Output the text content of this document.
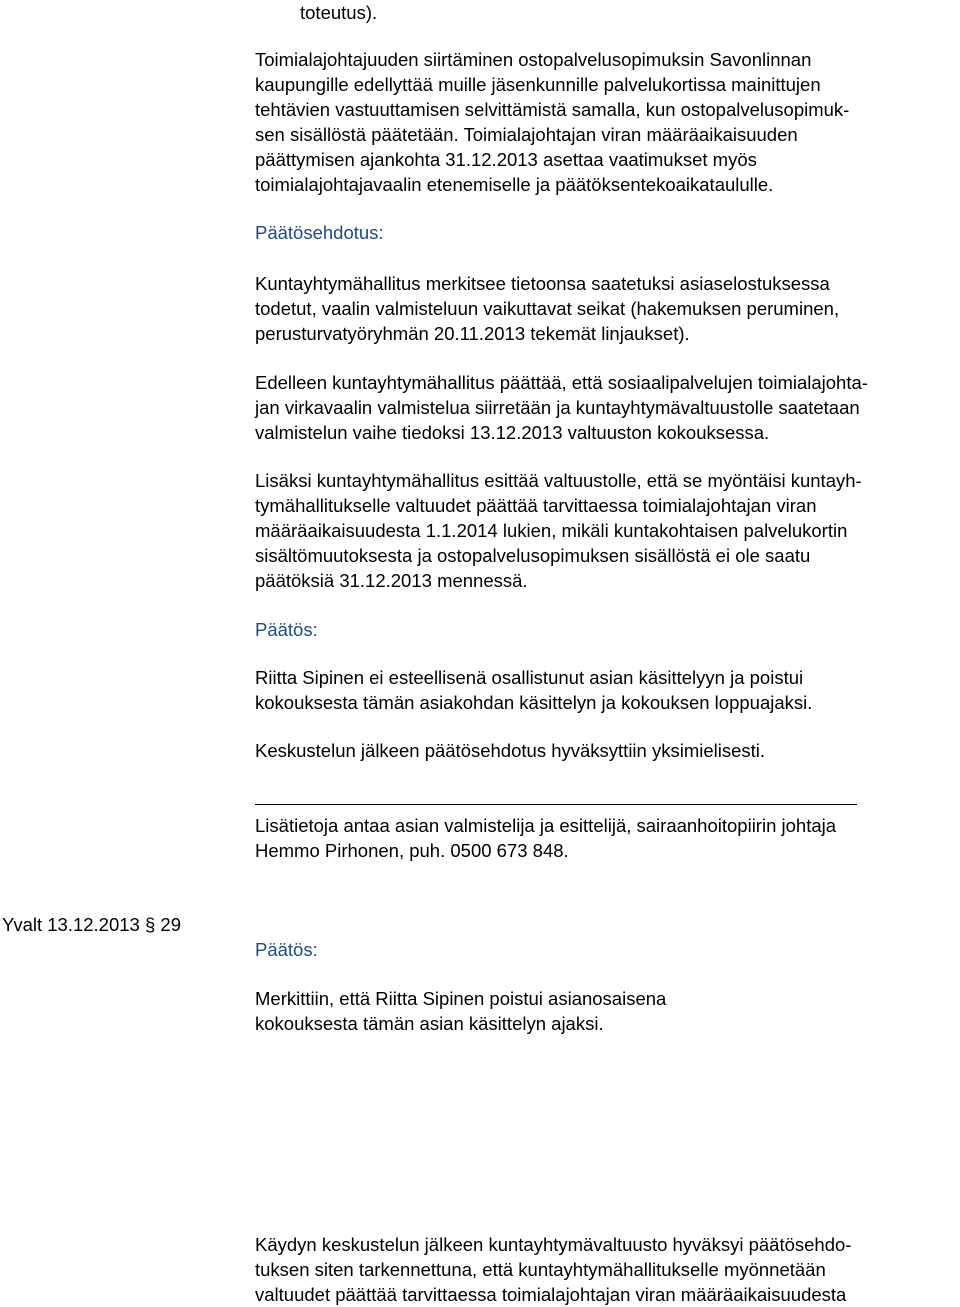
toteutus).

Toimialajohtajuuden siirtäminen ostopalvelusopimuksin Savonlinnan
kaupungille edellyttää muille jäsenkunnille palvelukortissa mainittujen
tehtävien vastuuttamisen selvittämistä samalla, kun ostopalvelusopimuk-
sen sisällöstä päätetään. Toimialajohtajan viran määräaikaisuuden
päättymisen ajankohta 31.12.2013 asettaa vaatimukset myös
toimialajohtajavaalin etenemiselle ja päätöksentekoaikataululle.

Päätösehdotus:

Kuntayhtymähallitus merkitsee tietoonsa saatetuksi asiaselostuksessa
todetut, vaalin valmisteluun vaikuttavat seikat (hakemuksen peruminen,
perusturvatyöryhmän 20.11.2013 tekemät linjaukset).

Edelleen kuntayhtymähallitus päättää, että sosiaalipalvelujen toimialajohta-
jan virkavaalin valmistelua siirretään ja kuntayhtymävaltuustolle saatetaan
valmistelun vaihe tiedoksi 13.12.2013 valtuuston kokouksessa.

Lisäksi kuntayhtymähallitus esittää valtuustolle, että se myöntäisi kuntayh-
tymähallitukselle valtuudet päättää tarvittaessa toimialajohtajan viran
määräaikaisuudesta 1.1.2014 lukien, mikäli kuntakohtaisen palvelukortin
sisältömuutoksesta ja ostopalvelusopimuksen sisällöstä ei ole saatu
päätöksiä 31.12.2013 mennessä.

Päätös:

Riitta Sipinen ei esteellisenä osallistunut asian käsittelyyn ja poistui
kokouksesta tämän asiakohdan käsittelyn ja kokouksen loppuajaksi.

Keskustelun jälkeen päätösehdotus hyväksyttiin yksimielisesti.

Lisätietoja antaa asian valmistelija ja esittelijä, sairaanhoitopiirin johtaja
Hemmo Pirhonen, puh. 0500 673 848.

Yvalt 13.12.2013 § 29

Päätös:

Merkittiin, että Riitta Sipinen poistui asianosaisena
kokouksesta tämän asian käsittelyn ajaksi.

Käydyn keskustelun jälkeen kuntayhtymävaltuusto hyväksyi päätösehdo-
tuksen siten tarkennettuna, että kuntayhtymähallitukselle myönnetään
valtuudet päättää tarvittaessa toimialajohtajan viran määräaikaisuudesta
